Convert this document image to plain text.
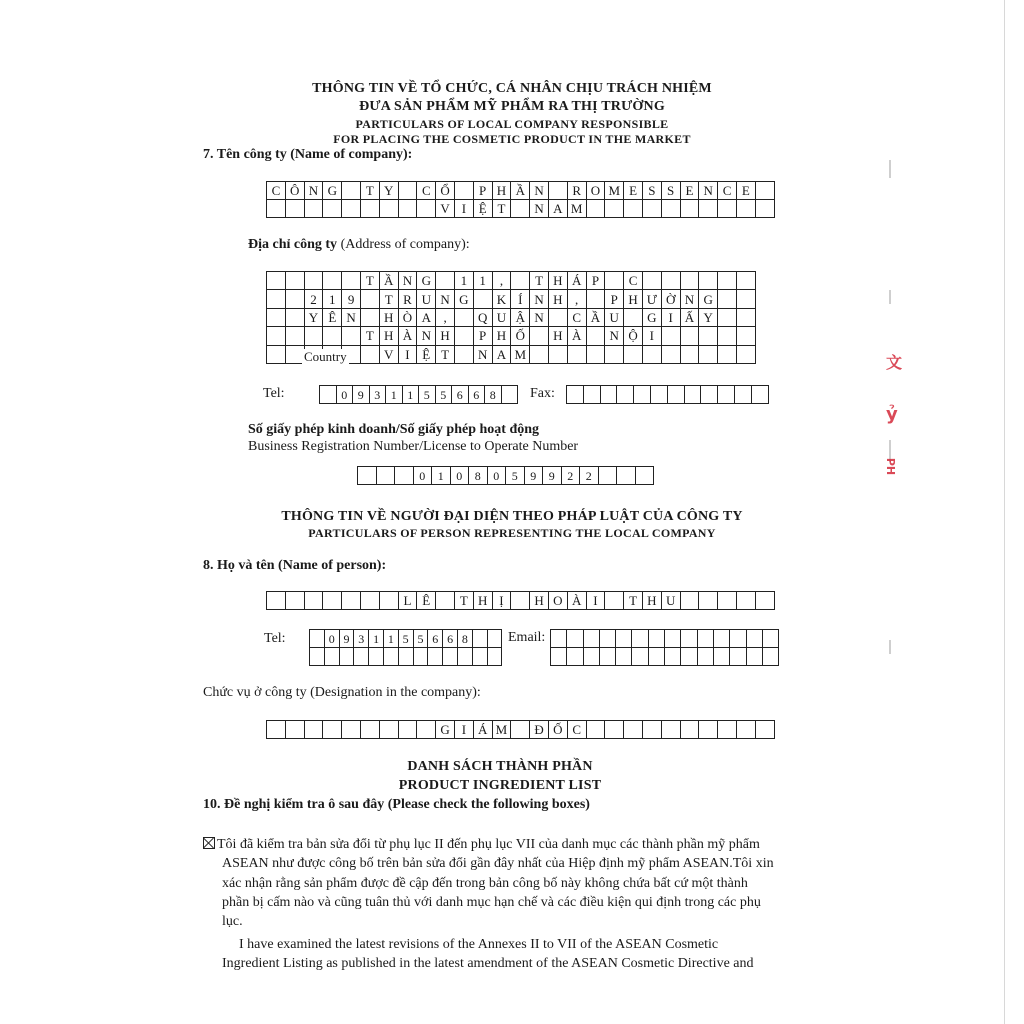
文
ỷ
PH
THÔNG TIN VỀ TỔ CHỨC, CÁ NHÂN CHỊU TRÁCH NHIỆM
ĐƯA SẢN PHẨM MỸ PHẨM RA THỊ TRƯỜNG
PARTICULARS OF LOCAL COMPANY RESPONSIBLE
FOR PLACING THE COSMETIC PRODUCT IN THE MARKET
7. Tên công ty (Name of company):
C Ô N G	T Y	C Ổ	P H Ầ N	R O M E S S E N C E
V I Ệ T	N A M
Địa chỉ công ty (Address of company):
T Ầ N G	1 1	,	T H Á P	C
2 1 9	T R U N G	K Í N H ,	P H Ư Ờ N G
Y Ê N	H Ò A ,	Q U Ậ N	C Ầ U	G I Ấ Y
T H À N H	P H Ố	H À	N Ộ I
V I Ệ T	N A M
Country
Tel:	0 9 3 1 1 5 5 6 6 8	Fax:
Số giấy phép kinh doanh/Số giấy phép hoạt động
Business Registration Number/License to Operate Number
0	1	0	8	0	5	9	9	2	2
THÔNG TIN VỀ NGƯỜI ĐẠI DIỆN THEO PHÁP LUẬT CỦA CÔNG TY
PARTICULARS OF PERSON REPRESENTING THE LOCAL COMPANY
8. Họ và tên (Name of person):
L Ê	T H Ị	H O À I	T H U
Tel:	0 9 3 1 1 5 5 6 6 8	Email:
Chức vụ ở công ty (Designation in the company):
G I Á M	Đ Ố C
DANH SÁCH THÀNH PHẦN
PRODUCT INGREDIENT LIST
10. Đề nghị kiểm tra ô sau đây (Please check the following boxes)
Tôi đã kiểm tra bản sửa đổi từ phụ lục II đến phụ lục VII của danh mục các thành phần mỹ phẩm
ASEAN như được công bố trên bản sửa đổi gần đây nhất của Hiệp định mỹ phẩm ASEAN.Tôi xin
xác nhận rằng sản phẩm được đề cập đến trong bản công bố này không chứa bất cứ một thành
phần bị cấm nào và cũng tuân thủ với danh mục hạn chế và các điều kiện qui định trong các phụ
lục.
I have examined the latest revisions of the Annexes II to VII of the ASEAN Cosmetic
Ingredient Listing as published in the latest amendment of the ASEAN Cosmetic Directive and
